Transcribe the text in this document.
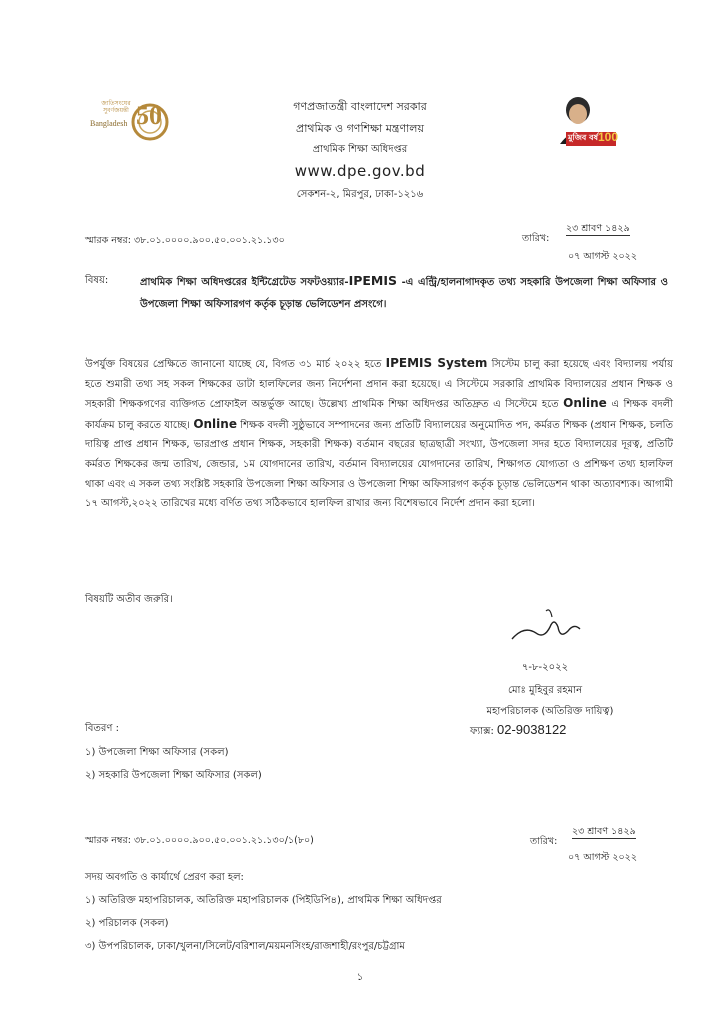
জাতিসংঘের সুবর্ণজয়ন্তী
Bangladesh 50
মুজিব বর্ষ 100
গণপ্রজাতন্ত্রী বাংলাদেশ সরকার
প্রাথমিক ও গণশিক্ষা মন্ত্রণালয়
প্রাথমিক শিক্ষা অধিদপ্তর
www.dpe.gov.bd
সেকশন-২, মিরপুর, ঢাকা-১২১৬
স্মারক নম্বর: ৩৮.০১.০০০০.৯০০.৫০.০০১.২১.১৩০	তারিখ:
২৩ শ্রাবণ ১৪২৯
০৭ আগস্ট ২০২২
বিষয়:	প্রাথমিক শিক্ষা অধিদপ্তরের ইন্টিগ্রেটেড সফটওয়্যার-IPEMIS -এ এন্ট্রি/হালনাগাদকৃত তথ্য সহকারি উপজেলা শিক্ষা অফিসার ও উপজেলা শিক্ষা অফিসারগণ কর্তৃক চূড়ান্ত ভেলিডেশন প্রসংগে।
উপর্যুক্ত বিষয়ের প্রেক্ষিতে জানানো যাচ্ছে যে, বিগত ৩১ মার্চ ২০২২ হতে IPEMIS System সিস্টেম চালু করা হয়েছে এবং বিদ্যালয় পর্যায় হতে শুমারী তথ্য সহ সকল শিক্ষকের ডাটা হালফিলের জন্য নির্দেশনা প্রদান করা হয়েছে। এ সিস্টেমে সরকারি প্রাথমিক বিদ্যালয়ের প্রধান শিক্ষক ও সহকারী শিক্ষকগণের ব্যক্তিগত প্রোফাইল অন্তর্ভুক্ত আছে। উল্লেখ্য প্রাথমিক শিক্ষা অধিদপ্তর অতিদ্রুত এ সিস্টেমে হতে Online এ শিক্ষক বদলী কার্যক্রম চালু করতে যাচ্ছে। Online শিক্ষক বদলী সুষ্ঠুভাবে সম্পাদনের জন্য প্রতিটি বিদ্যালয়ের অনুমোদিত পদ, কর্মরত শিক্ষক (প্রধান শিক্ষক, চলতি দায়িত্ব প্রাপ্ত প্রধান শিক্ষক, ভারপ্রাপ্ত প্রধান শিক্ষক, সহকারী শিক্ষক) বর্তমান বছরের ছাত্রছাত্রী সংখ্যা, উপজেলা সদর হতে বিদ্যালয়ের দূরত্ব, প্রতিটি কর্মরত শিক্ষকের জন্ম তারিখ, জেন্ডার, ১ম যোগদানের তারিখ, বর্তমান বিদ্যালয়ের যোগদানের তারিখ, শিক্ষাগত যোগ্যতা ও প্রশিক্ষণ তথ্য হালফিল থাকা এবং এ সকল তথ্য সংশ্লিষ্ট সহকারি উপজেলা শিক্ষা অফিসার ও উপজেলা শিক্ষা অফিসারগণ কর্তৃক চূড়ান্ত ভেলিডেশন থাকা অত্যাবশ্যক। আগামী ১৭ আগস্ট,২০২২ তারিখের মধ্যে বর্ণিত তথ্য সঠিকভাবে হালফিল রাখার জন্য বিশেষভাবে নির্দেশ প্রদান করা হলো।
বিষয়টি অতীব জরুরি।
৭-৮-২০২২
মোঃ মুহিবুর রহমান
মহাপরিচালক (অতিরিক্ত দায়িত্ব)
ফ্যাক্স: 02-9038122
বিতরণ :
১) উপজেলা শিক্ষা অফিসার (সকল)
২) সহকারি উপজেলা শিক্ষা অফিসার (সকল)
স্মারক নম্বর: ৩৮.০১.০০০০.৯০০.৫০.০০১.২১.১৩০/১(৮০)	তারিখ:
২৩ শ্রাবণ ১৪২৯
০৭ আগস্ট ২০২২
সদয় অবগতি ও কার্যার্থে প্রেরণ করা হল:
১) অতিরিক্ত মহাপরিচালক, অতিরিক্ত মহাপরিচালক (পিইডিপি৪), প্রাথমিক শিক্ষা অধিদপ্তর
২) পরিচালক (সকল)
৩) উপপরিচালক, ঢাকা/খুলনা/সিলেট/বরিশাল/ময়মনসিংহ/রাজশাহী/রংপুর/চট্টগ্রাম
১
